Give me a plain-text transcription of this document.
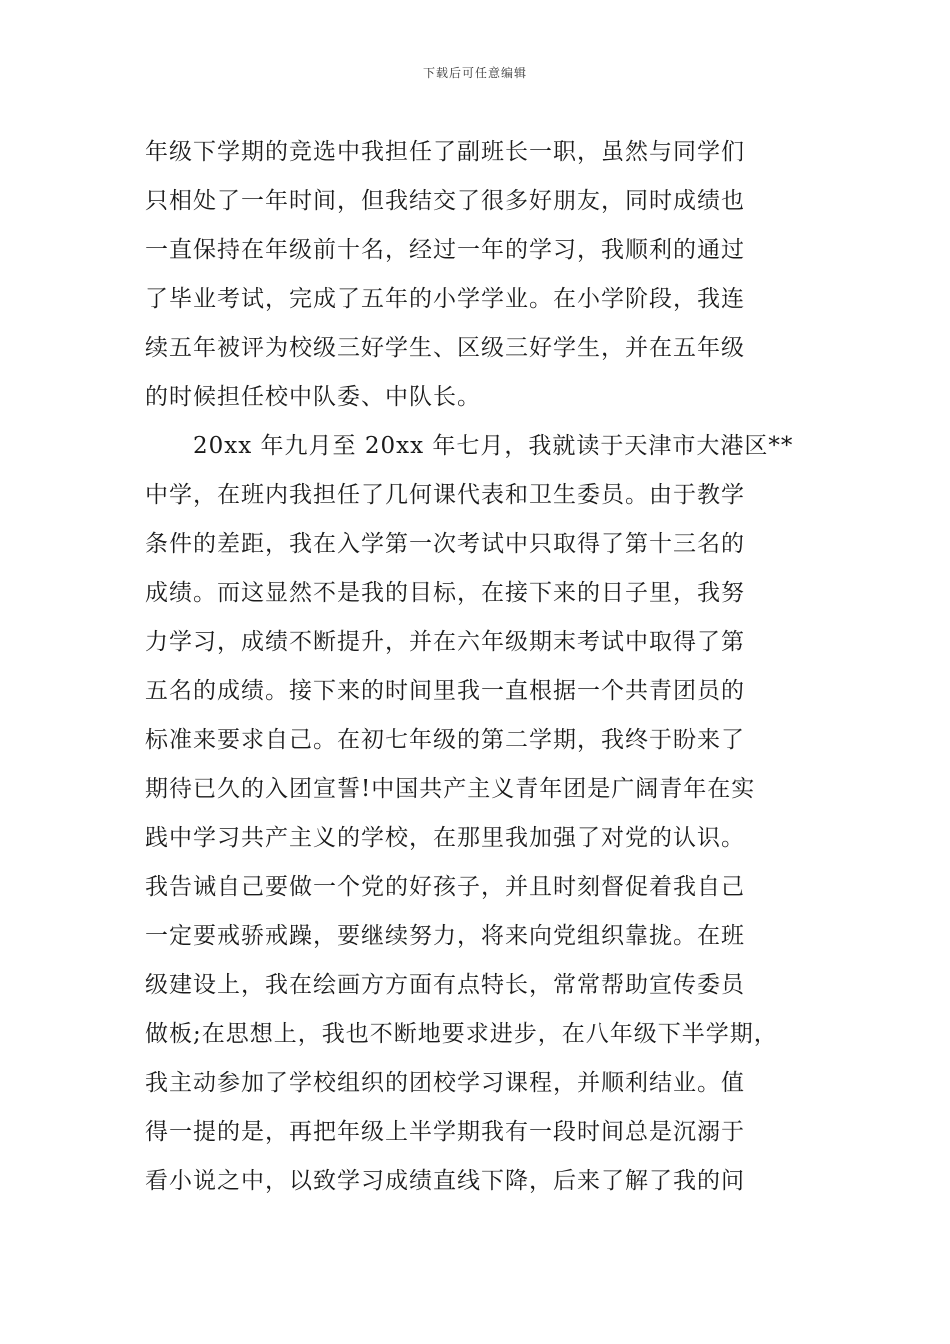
下载后可任意编辑
年级下学期的竞选中我担任了副班长一职，虽然与同学们
只相处了一年时间，但我结交了很多好朋友，同时成绩也
一直保持在年级前十名，经过一年的学习，我顺利的通过
了毕业考试，完成了五年的小学学业。在小学阶段，我连
续五年被评为校级三好学生、区级三好学生，并在五年级
的时候担任校中队委、中队长。
20xx 年九月至 20xx 年七月，我就读于天津市大港区**
中学，在班内我担任了几何课代表和卫生委员。由于教学
条件的差距，我在入学第一次考试中只取得了第十三名的
成绩。而这显然不是我的目标，在接下来的日子里，我努
力学习，成绩不断提升，并在六年级期末考试中取得了第
五名的成绩。接下来的时间里我一直根据一个共青团员的
标准来要求自己。在初七年级的第二学期，我终于盼来了
期待已久的入团宣誓!中国共产主义青年团是广阔青年在实
践中学习共产主义的学校，在那里我加强了对党的认识。
我告诫自己要做一个党的好孩子，并且时刻督促着我自己
一定要戒骄戒躁，要继续努力，将来向党组织靠拢。在班
级建设上，我在绘画方方面有点特长，常常帮助宣传委员
做板;在思想上，我也不断地要求进步，在八年级下半学期，
我主动参加了学校组织的团校学习课程，并顺利结业。值
得一提的是，再把年级上半学期我有一段时间总是沉溺于
看小说之中，以致学习成绩直线下降，后来了解了我的问
